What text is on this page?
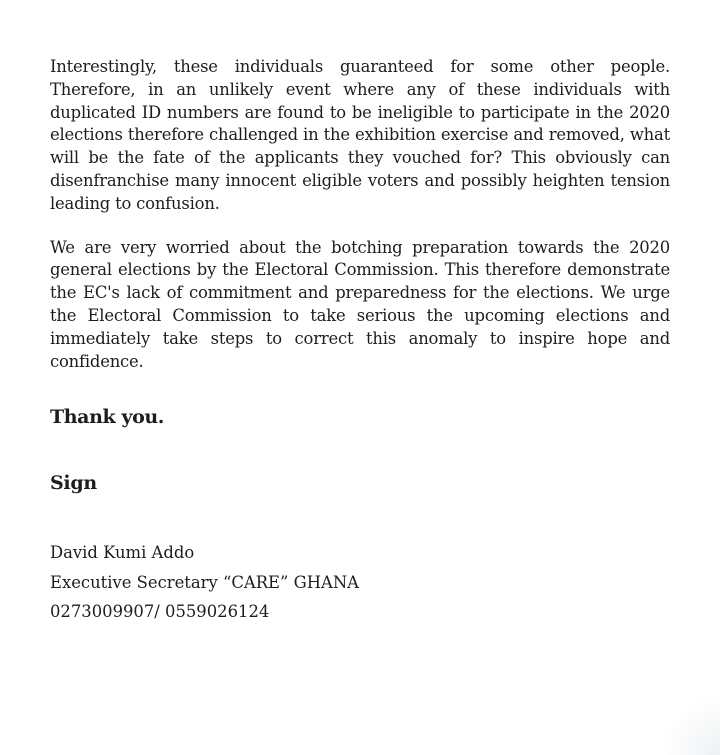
Interestingly, these individuals guaranteed for some other people. Therefore, in an unlikely event where any of these individuals with duplicated ID numbers are found to be ineligible to participate in the 2020 elections therefore challenged in the exhibition exercise and removed, what will be the fate of the applicants they vouched for? This obviously can disenfranchise many innocent eligible voters and possibly heighten tension leading to confusion.

We are very worried about the botching preparation towards the 2020 general elections by the Electoral Commission. This therefore demonstrate the EC's lack of commitment and preparedness for the elections. We urge the Electoral Commission to take serious the upcoming elections and immediately take steps to correct this anomaly to inspire hope and confidence.

Thank you.

Sign

David Kumi Addo
Executive Secretary “CARE” GHANA
0273009907/ 0559026124
